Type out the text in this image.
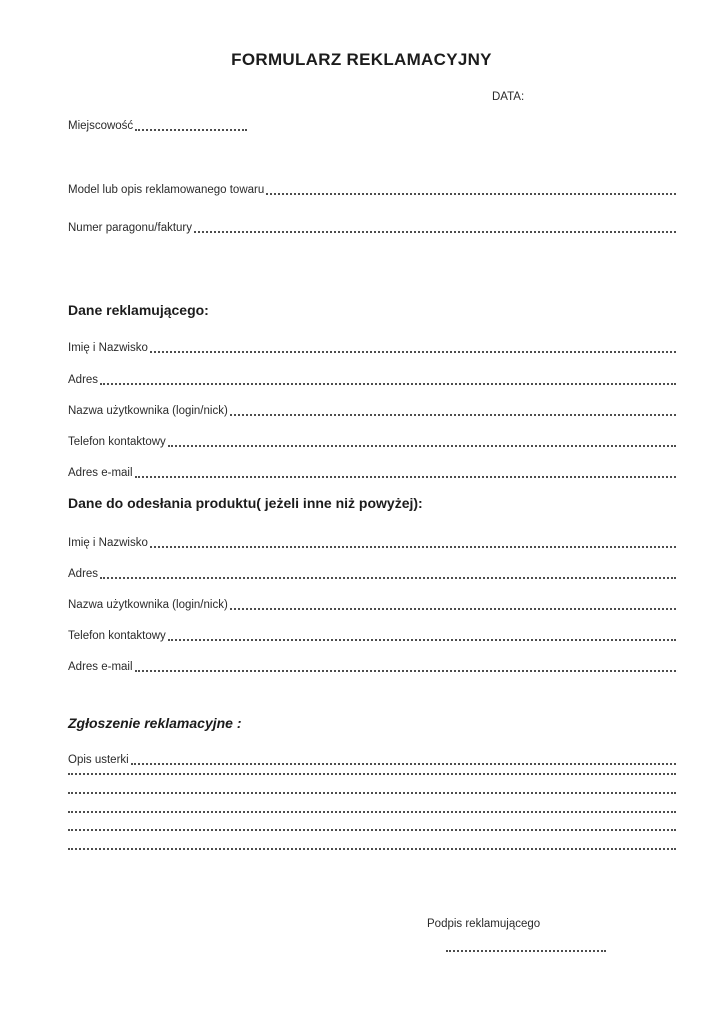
FORMULARZ REKLAMACYJNY
DATA:
Miejscowość
Model lub opis reklamowanego towaru
Numer paragonu/faktury
Dane reklamującego:
Imię i Nazwisko
Adres
Nazwa użytkownika (login/nick)
Telefon kontaktowy
Adres e-mail
Dane do odesłania produktu( jeżeli inne niż powyżej):
Imię i Nazwisko
Adres
Nazwa użytkownika (login/nick)
Telefon kontaktowy
Adres e-mail
Zgłoszenie reklamacyjne :
Opis usterki
Podpis reklamującego
